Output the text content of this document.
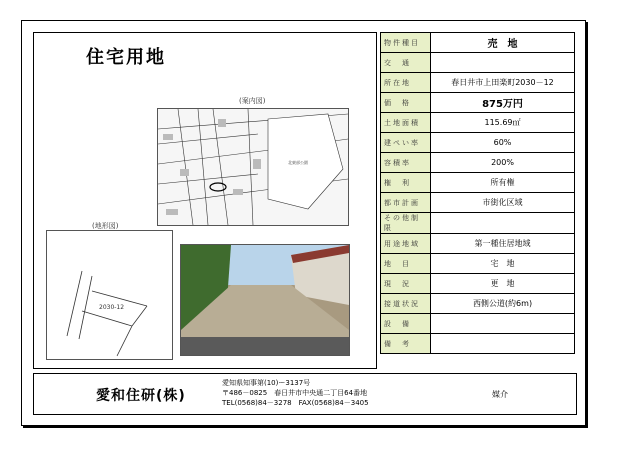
住宅用地
(案内図)
北東部公園
(地形図)
2030-12
物件種目	売　地
交　通	
所在地	春日井市上田楽町2030－12
価　格	875万円
土地面積	115.69㎡
建ぺい率	60%
容積率	200%
権　利	所有権
都市計画	市街化区域
その他制限	
用途地域	第一種住居地域
地　目	宅　地
現　況	更　地
接道状況	西側公道(約6m)
設　備	
備　考	
愛和住研(株)
愛知県知事第(10)ー3137号
〒486－0825　春日井市中央通二丁目64番地
TEL(0568)84－3278　FAX(0568)84－3405
媒介
